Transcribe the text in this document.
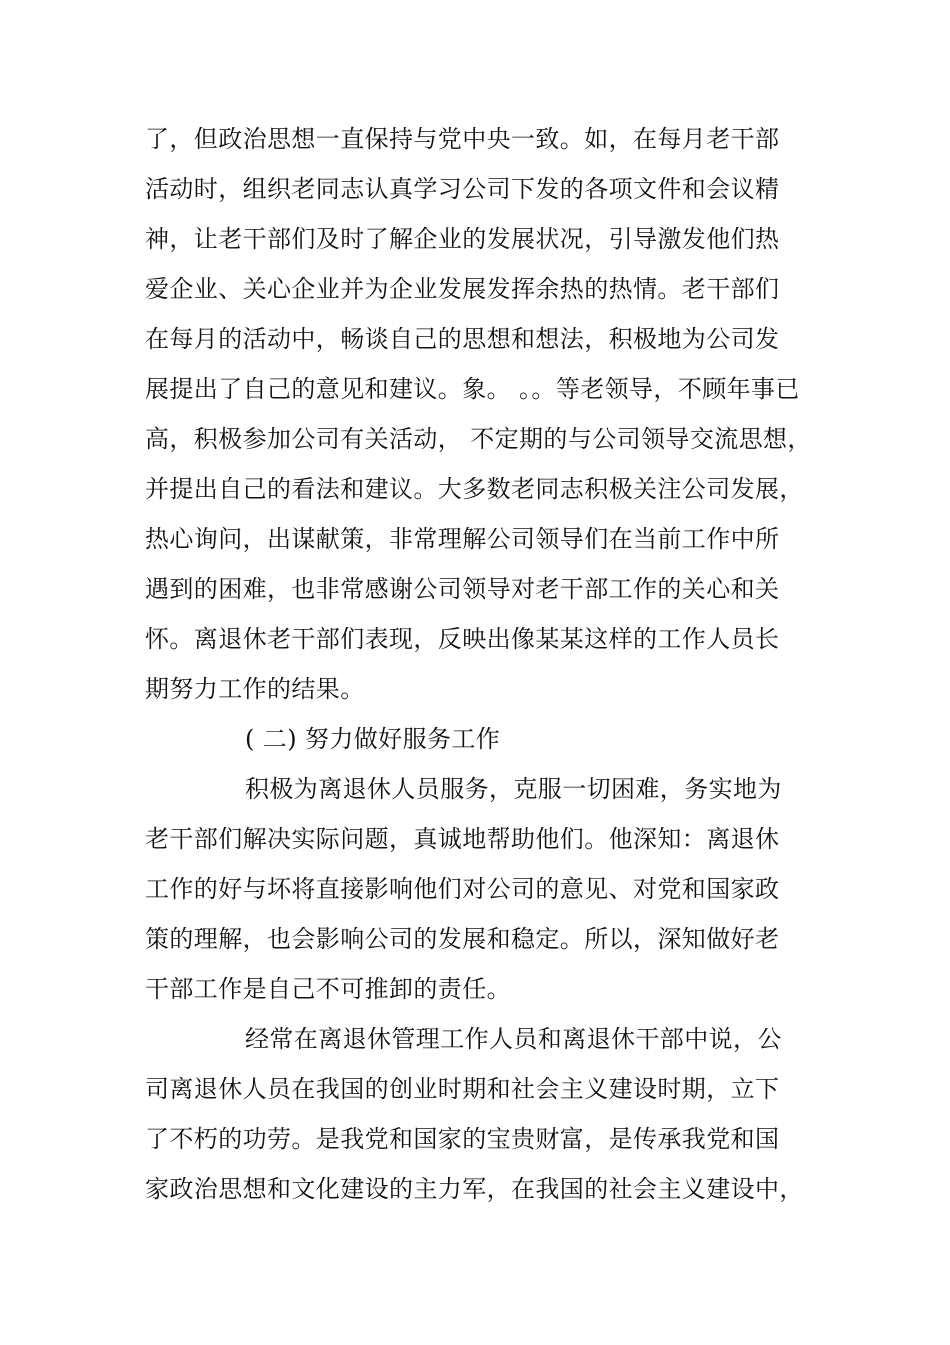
了，但政治思想一直保持与党中央一致。如，在每月老干部
活动时，组织老同志认真学习公司下发的各项文件和会议精
神，让老干部们及时了解企业的发展状况，引导激发他们热
爱企业、关心企业并为企业发展发挥余热的热情。老干部们
在每月的活动中，畅谈自己的思想和想法，积极地为公司发
展提出了自己的意见和建议。象。 。。等老领导，不顾年事已
高，积极参加公司有关活动， 不定期的与公司领导交流思想，
并提出自己的看法和建议。大多数老同志积极关注公司发展，
热心询问，出谋献策，非常理解公司领导们在当前工作中所
遇到的困难，也非常感谢公司领导对老干部工作的关心和关
怀。离退休老干部们表现，反映出像某某这样的工作人员长
期努力工作的结果。
( 二) 努力做好服务工作
积极为离退休人员服务，克服一切困难，务实地为
老干部们解决实际问题，真诚地帮助他们。他深知：离退休
工作的好与坏将直接影响他们对公司的意见、对党和国家政
策的理解，也会影响公司的发展和稳定。所以，深知做好老
干部工作是自己不可推卸的责任。
经常在离退休管理工作人员和离退休干部中说，公
司离退休人员在我国的创业时期和社会主义建设时期，立下
了不朽的功劳。是我党和国家的宝贵财富，是传承我党和国
家政治思想和文化建设的主力军，在我国的社会主义建设中，
